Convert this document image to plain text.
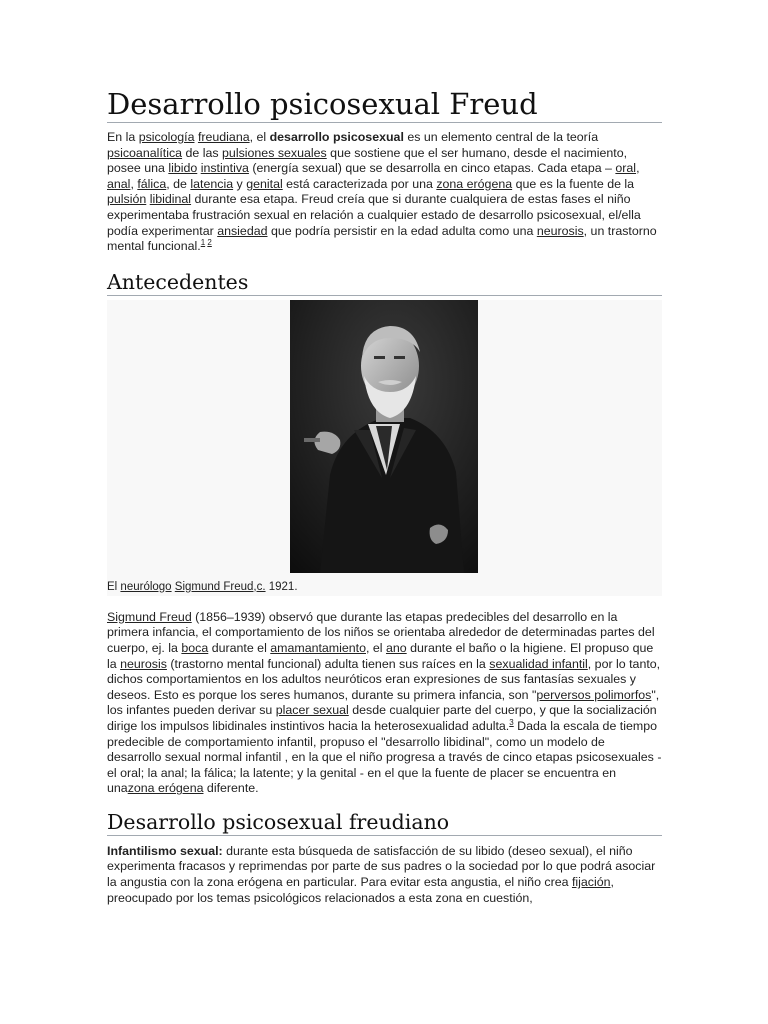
Desarrollo psicosexual Freud

En la psicología freudiana, el desarrollo psicosexual es un elemento central de la teoría psicoanalítica de las pulsiones sexuales que sostiene que el ser humano, desde el nacimiento, posee una libido instintiva (energía sexual) que se desarrolla en cinco etapas. Cada etapa – oral, anal, fálica, de latencia y genital está caracterizada por una zona erógena que es la fuente de la pulsión libidinal durante esa etapa. Freud creía que si durante cualquiera de estas fases el niño experimentaba frustración sexual en relación a cualquier estado de desarrollo psicosexual, el/ella podía experimentar ansiedad que podría persistir en la edad adulta como una neurosis, un trastorno mental funcional.$^{1 2}$

Antecedentes
El neurólogo Sigmund Freud,c. 1921.

Sigmund Freud (1856–1939) observó que durante las etapas predecibles del desarrollo en la primera infancia, el comportamiento de los niños se orientaba alrededor de determinadas partes del cuerpo, ej. la boca durante el amamantamiento, el ano durante el baño o la higiene. El propuso que la neurosis (trastorno mental funcional) adulta tienen sus raíces en la sexualidad infantil, por lo tanto, dichos comportamientos en los adultos neuróticos eran expresiones de sus fantasías sexuales y deseos. Esto es porque los seres humanos, durante su primera infancia, son "perversos polimorfos", los infantes pueden derivar su placer sexual desde cualquier parte del cuerpo, y que la socialización dirige los impulsos libidinales instintivos hacia la heterosexualidad adulta.$^3$ Dada la escala de tiempo predecible de comportamiento infantil, propuso el "desarrollo libidinal", como un modelo de desarrollo sexual normal infantil , en la que el niño progresa a través de cinco etapas psicosexuales - el oral; la anal; la fálica; la latente; y la genital - en el que la fuente de placer se encuentra en unazona erógena diferente.

Desarrollo psicosexual freudiano

Infantilismo sexual: durante esta búsqueda de satisfacción de su libido (deseo sexual), el niño experimenta fracasos y reprimendas por parte de sus padres o la sociedad por lo que podrá asociar la angustia con la zona erógena en particular. Para evitar esta angustia, el niño crea fijación, preocupado por los temas psicológicos relacionados a esta zona en cuestión,
